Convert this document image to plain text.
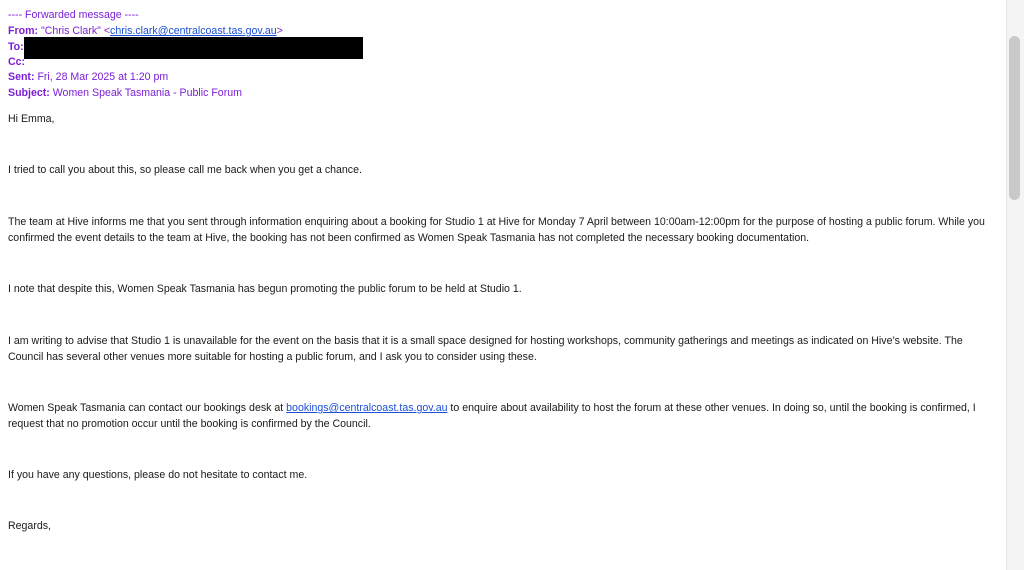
---- Forwarded message ----
From: "Chris Clark" <chris.clark@centralcoast.tas.gov.au>
To:
Cc:
Sent: Fri, 28 Mar 2025 at 1:20 pm
Subject: Women Speak Tasmania - Public Forum

Hi Emma,

I tried to call you about this, so please call me back when you get a chance.

The team at Hive informs me that you sent through information enquiring about a booking for Studio 1 at Hive for Monday 7 April between 10:00am-12:00pm for the purpose of hosting a public forum. While you confirmed the event details to the team at Hive, the booking has not been confirmed as Women Speak Tasmania has not completed the necessary booking documentation.

I note that despite this, Women Speak Tasmania has begun promoting the public forum to be held at Studio 1.

I am writing to advise that Studio 1 is unavailable for the event on the basis that it is a small space designed for hosting workshops, community gatherings and meetings as indicated on Hive’s website. The Council has several other venues more suitable for hosting a public forum, and I ask you to consider using these.

Women Speak Tasmania can contact our bookings desk at bookings@centralcoast.tas.gov.au to enquire about availability to host the forum at these other venues. In doing so, until the booking is confirmed, I request that no promotion occur until the booking is confirmed by the Council.

If you have any questions, please do not hesitate to contact me.

Regards,
